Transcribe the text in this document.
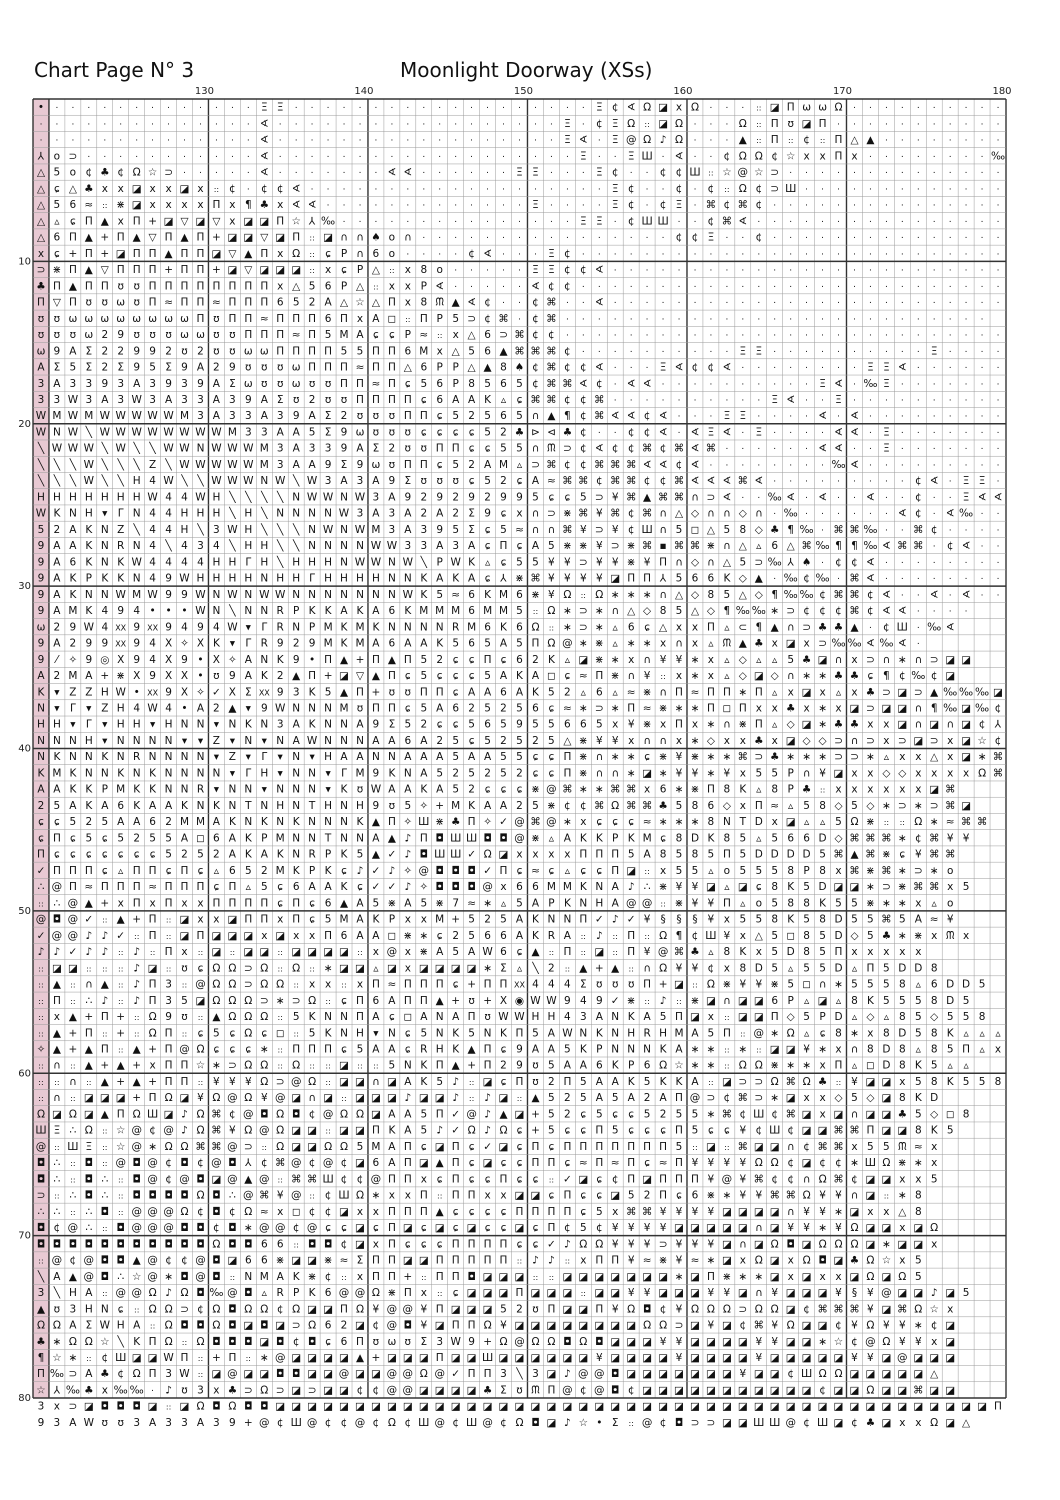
Chart Page N° 3	Moonlight Doorway (XSs)
• · · · · · · · · · · · · · Ξ Ξ · · · · · · · · · · · · · · · · · · · Ξ ¢ ∢ Ω ◪ x Ω · · · :: ◪ Π ω ω Ω · · · · · · · · · ·
· · · · · · · · · · · · · · ∢ · · · · · · · · · · · · · · · · · · Ξ · ¢ Ξ Ω :: ◪ Ω · · · Ω :: Π ʊ ◪ Π · · · · · · · · · · ·
· · · · · · · · · · · · · · ∢ · · · · · · · · · · · · · · · · · · Ξ ∢ · Ξ @ Ω ♪ Ω · · · ▲ :: Π :: ¢ :: Π △ ▲ · · · · · · · ·
⅄ o ⊃ · · · · · · · · · · · ∢ · · · · · · · · · · · · · · · · · · · Ξ · · Ξ Ш · ∢ · · ¢ Ω Ω ¢ ☆ x x Π x · · · · · · · · ‰
△ 5 o ¢ ♣ ¢ Ω ☆ ⊃ · · · · · ∢ · · · · · · · ∢ ∢ · · · · · · Ξ Ξ · · · Ξ ¢ · · ¢ ¢ Ш :: ☆ @ ☆ ⊃ · · · · · · · · · · · · · ·
△ ɕ △ ♣ x x ◪ x x ◪ x :: ¢ · ¢ ¢ ∢ · · · · · · · · · · · · · · · · · · · Ξ ¢ · · ¢ · ¢ :: Ω ¢ ⊃ Ш · · · · · · · · · · · · ·
△ 5 6 ≈ :: ⋇ ◪ x x x x Π x ¶ ♣ x ∢ ∢ · · · · · · · · · · · · · Ξ · · · · Ξ ¢ · ¢ Ξ · ⌘ ¢ ⌘ ¢ · · · · · · · · · · · · · · ·
△ ▵ ɕ Π ▲ x Π + ◪ ▽ ◪ ▽ x ◪ ◪ Π ☆ ⅄ ‰ · · · · · · · · · · · · · · · Ξ Ξ · ¢ Ш Ш · · ¢ ⌘ ∢ · · · · · · · · · · · · · · · ·
△ 6 Π ▲ + Π ▲ ▽ Π ▲ Π + ◪ ◪ ▽ ◪ Π :: ◪ ∩ ∩ ♠ o ∩ · · · · · · · · · · · · · · · · ¢ ¢ Ξ · · ¢ · · · · · · · · · · · · · · ·
x ɕ + Π + ◪ Π Π ▲ Π Π ◪ ▽ ▲ Π x Ω :: ɕ P ∩ 6 o · · · · ¢ ∢ · · · Ξ ¢ · · · · · · · · · · · · · · · · · · · · · · · · · · ·
⊃ ⋇ Π ▲ ▽ Π Π Π + Π Π + ◪ ▽ ◪ ◪ ◪ :: x ɕ P △ :: x 8 o · · · · · Ξ Ξ ¢ ¢ ∢ · · · · · · · · · · · · · · · · · · · · · · · · ·
♣ Π ▲ Π Π ʊ ʊ Π Π Π Π Π Π Π Π x △ 5 6 P △ :: x x P ∢ · · · · · ∢ ¢ ¢ · · · · · · · · · · · · · · · · · · · · · · · · · · ·
Π ▽ Π ʊ ʊ ω ʊ Π ≈ Π Π ≈ Π Π Π 6 5 2 A △ ☆ △ Π x 8 ᙏ ▲ ∢ ¢ · · ¢ ⌘ · · ∢ · · · · · · · · · · · · · · · · · · · · · · · · ·
ʊ ʊ ω ω ω ω ω ω ω ω Π ʊ Π Π ≈ Π Π Π 6 Π x A ◻ :: Π P 5 ⊃ ¢ ⌘ · ¢ ⌘ · · · · · · · · · · · · · · · · · · · · · · · · · · ·
ʊ ʊ ʊ ω 2 9 ʊ ʊ ʊ ω ω ʊ ʊ Π Π Π ≈ Π 5 M A ɕ ɕ P ≈ :: x △ 6 ⊃ ⌘ ¢ ¢ · · · · · · · · · · · · · · · · · · · · · · · · · · · ·
ω 9 A Σ 2 2 9 9 2 ʊ 2 ʊ ʊ ω ω Π Π Π Π 5 5 Π Π 6 M x △ 5 6 ▲ ⌘ ⌘ ⌘ ¢ · · · · · · · · · · Ξ Ξ · · · · · · · · · · Ξ · · · ·
A Σ 5 Σ 2 Σ 9 5 Σ 9 A 2 9 ʊ ʊ ʊ ω Π Π Π ≈ Π Π △ 6 P P △ ▲ 8 ♠ ¢ ⌘ ¢ ¢ ∢ · · · Ξ ∢ ¢ ¢ ∢ · · · · · · · · Ξ Ξ ∢ · · · · · ·
3 A 3 3 9 3 A 3 9 3 9 A Σ ω ʊ ʊ ω ʊ ʊ Π Π ≈ Π ɕ 5 6 P 8 5 6 5 ¢ ⌘ ⌘ ∢ ¢ · ∢ ∢ · · · · · · · · · · Ξ ∢ · ‰ Ξ · · · · · · ·
3 3 W 3 A 3 W 3 A 3 3 A 3 9 A Σ ʊ 2 ʊ ʊ Π Π Π Π ɕ 6 A A K ▵ ɕ ⌘ ⌘ ¢ ¢ ⌘ · · · · · · · · · · Ξ ∢ · · Ξ · · · · · · · · · ·
W M W M W W W W W M 3 A 3 3 A 3 9 A Σ 2 ʊ ʊ ʊ Π Π ɕ 5 2 5 6 5 ∩ ▲ ¶ ¢ ⌘ ∢ ∢ ¢ ∢ · · · Ξ Ξ · · · · ∢ · ∢ · · · · · · · · ·
W N W ╲ W W W W W W W W M 3 3 A A 5 Σ 9 ω ʊ ʊ ʊ ɕ ɕ ɕ ɕ 5 2 ♣ ⊳ ⊲ ♣ ¢ · · ¢ ¢ ∢ · ∢ Ξ ∢ · Ξ · · · · ∢ ∢ · Ξ · · · · · · ·
╲ W W W ╲ W ╲ ╲ W W N W W W M 3 A 3 3 9 A Σ 2 ʊ ʊ Π Π ɕ ɕ 5 5 ∩ ᙏ ⊃ ¢ ∢ ¢ ¢ ⌘ ¢ ⌘ ∢ ⌘ · · · · · · ∢ ∢ · · Ξ · · · · · · ·
╲ ╲ ╲ W ╲ ╲ ╲ Z ╲ W W W W W M 3 A A 9 Σ 9 ω ʊ Π Π ɕ 5 2 A M ▵ ⊃ ⌘ ¢ ¢ ⌘ ⌘ ⌘ ∢ ∢ ¢ ∢ · · · · · · · · ‰ ∢ · · · · · · · · ·
╲ ╲ ╲ W ╲ ╲ H 4 W ╲ ╲ W W W N W ╲ W 3 A 3 A 9 Σ ʊ ʊ ʊ ɕ 5 2 ɕ A ≈ ⌘ ⌘ ¢ ⌘ ⌘ ¢ ¢ ⌘ ∢ ∢ ∢ ⌘ ∢ · · · · · · · · · ¢ ∢ · Ξ Ξ ·
H H H H H H H W 4 4 W H ╲ ╲ ╲ ╲ N W W N W 3 A 9 2 9 2 9 2 9 9 5 ɕ ɕ 5 ⊃ ¥ ⌘ ▲ ⌘ ⌘ ∩ ⊃ ∢ · · ‰ ∢ · ∢ · · ∢ · · ¢ · · Ξ ∢ ∢
W K N H ▾ Γ N 4 4 H H H ╲ H ╲ N N N N W 3 A 3 A 2 A 2 Σ 9 ɕ x ∩ ⊃ ⋇ ⌘ ¥ ⌘ ¢ ⌘ ∩ △ ◇ ∩ ∩ ◇ ∩ · ‰ · · · · · · ∢ ¢ · ∢ ‰ · ·
5 2 A K N Z ╲ 4 4 H ╲ 3 W H ╲ ╲ ╲ N W N W M 3 A 3 9 5 Σ ɕ 5 ≈ ∩ ∩ ⌘ ¥ ⊃ ¥ ¢ Ш ∩ 5 ◻ △ 5 8 ◇ ♣ ¶ ‰ · ⌘ ⌘ ‰ · · ⌘ ¢ · · · ·
9 A A K N R N 4 ╲ 4 3 4 ╲ H H ╲ ╲ N N N N W W 3 3 A 3 A ɕ Π ɕ A 5 ⋇ ⋇ ¥ ⊃ ⋇ ⌘ ▪ ⌘ ⌘ ⋇ ∩ △ ▵ 6 △ ⌘ ‰ ¶ ¶ ‰ ∢ ⌘ ⌘ · ¢ ∢ · ·
9 A 6 K N K W 4 4 4 4 H H Γ H ╲ H H H N W W N W ╲ P W K ▵ ɕ 5 5 ¥ ¥ ⊃ ¥ ¥ ⋇ ¥ Π ∩ ◇ ∩ △ 5 ⊃ ‰ ⅄ ♠ · ¢ ¢ ∢ · · · · · · · ·
9 A K P K K N 4 9 W H H H H N H H Γ H H H H N N K A K A ɕ ⅄ ⋇ ⌘ ¥ ¥ ¥ ¥ ◪ Π Π ⅄ 5 6 6 K ◇ ▲ · ‰ ¢ ‰ · ⌘ ∢ · · · · · · · ·
9 A K N N W M W 9 9 W N W N W W N N N N N N N W K 5 ≈ 6 K M 6 ⋇ ¥ Ω :: Ω ∗ ∗ ∗ ∩ △ ◇ 8 5 △ ◇ ¶ ‰ ‰ ¢ ⌘ ⌘ ¢ ∢ · · ∢ · ∢ · ·
9 A M K 4 9 4 • • • W N ╲ N N R P K K A K A 6 K M M M 6 M M 5 :: Ω ∗ ⊃ ∗ ∩ △ ◇ 8 5 △ ◇ ¶ ‰ ‰ ∗ ⊃ ¢ ¢ ¢ ⌘ ¢ ∢ ∢ · · · ·
ω 2 9 W 4 ⅩⅩ 9 ⅩⅩ 9 4 9 4 W ▾ Γ R N P M K M K N N N N R M 6 K 6 Ω :: ∗ ⊃ ∗ ▵ 6 ɕ △ x x Π ▵ ⊂ ¶ ▲ ∩ ⊃ ♣ ♣ ▲ · ¢ Ш · ‰ ∢
9 A 2 9 9 ⅩⅩ 9 4 Ⅹ ✧ Ⅹ K ▾ Γ R 9 2 9 M K M A 6 A A K 5 6 5 A 5 Π Ω @ ∗ ⋇ ▵ ∗ ∗ x ∩ x ▵ ᙏ ▲ ♣ x ◪ x ⊃ ‰ ‰ ∢ ‰ ∢ ·
9 ⁄ ✧ 9 ◎ Ⅹ 9 4 Ⅹ 9 • Ⅹ ✧ A N K 9 • Π ▲ + Π ▲ Π 5 2 ɕ ɕ Π ɕ 6 2 K ▵ ◪ ⋇ ∗ x ∩ ¥ ¥ ∗ x ▵ ◇ ▵ ▵ 5 ♣ ◪ ∩ x ⊃ ∩ ∗ ∩ ⊃ ◪ ◪
A 2 M A + ⋇ Ⅹ 9 Ⅹ Ⅹ • ʊ 9 A K 2 ▲ Π + ◪ ▽ ▲ Π ɕ 5 ɕ ɕ ɕ 5 A K A ◻ ɕ ≈ Π ⋇ ∩ ¥ :: x ∗ x ▵ ◇ ◪ ◇ ∩ ∗ ∗ ♣ ♣ ɕ ¶ ¢ ‰ ¢ ◪
K ▾ Z Z H W • ⅩⅩ 9 Ⅹ ✧ ✓ Ⅹ Σ ⅩⅩ 9 3 K 5 ▲ Π + ʊ ʊ Π Π ɕ A A 6 A K 5 2 ▵ 6 ▵ ≈ ⋇ ∩ Π ≈ Π Π ∗ Π ▵ x ◪ x ▵ x ♣ ⊃ ◪ ⊃ ▲ ‰ ‰ ‰ ◪
N ▾ Γ ▾ Z H 4 W 4 • A 2 ▲ ▾ 9 W N N N M ʊ Π Π ɕ 5 A 6 2 5 2 5 6 ɕ ≈ ∗ ⊃ ∗ Π ≈ ⋇ ∗ ∗ Π ◻ Π x x ♣ x ∗ x ◪ ⊃ ◪ ◪ ∩ ¶ ‰ ◪ ‰ ¢
H H ▾ Γ ▾ H H ▾ H N N ▾ N K N 3 A K N N A 9 Σ 5 2 ɕ ɕ 5 6 5 9 5 5 6 6 5 x ¥ ⋇ x Π x ∗ ∩ ⋇ Π ▵ ◇ ◪ ∗ ♣ ♣ x x ◪ ∩ ◪ ∩ ◪ ¢ ⅄
N N N H ▾ N N N N ▾ ▾ Z ▾ N ▾ N A W N N N A A 6 A 2 5 ɕ 5 2 5 2 5 △ ⋇ ¥ ¥ x ∩ ∩ x ∗ ◇ x x ♣ x ◪ ◇ ◇ ⊃ ∩ ⊃ x ⊃ ◪ ⊃ x ◪ ☆ ¢
N K N N K N R N N N N ▾ Z ▾ Γ ▾ N ▾ H A A N N A A A 5 A A 5 5 ɕ ɕ Π ⋇ ∩ ∗ ∗ ɕ ⋇ ¥ ⋇ ∗ ∗ ⌘ ⊃ ♣ ∗ ∗ ∗ ⊃ ⊃ ∗ ▵ x x △ x ◪ ∗ ⌘
K M K N N K N K N N N N ▾ Γ H ▾ N N ▾ Γ M 9 K N A 5 2 5 2 5 2 ɕ ɕ Π ⋇ ∩ ∩ ∗ ◪ ∗ ¥ ¥ ∗ ¥ x 5 5 P ∩ ¥ ◪ x x ◇ ◇ x x x x Ω ⌘
A A K K P M K K N N R ▾ N N ▾ N N N ▾ K ʊ W A A K A 5 2 ɕ ɕ ɕ ⋇ @ ⌘ ∗ ∗ ⌘ ⌘ x 6 ∗ ⋇ Π 8 K ▵ 8 P ♣ :: x x x x x x ◪ ⌘
2 5 A K A 6 K A A K N K N T N H N T H N H 9 ʊ 5 ✧ + M K A A 2 5 ⋇ ¢ ¢ ⌘ Ω ⌘ ⌘ ♣ 5 8 6 ◇ x Π ≈ ▵ 5 8 ◇ 5 ◇ ∗ ⊃ ∗ ⊃ ⌘ ◪
ɕ ɕ 5 2 5 A A 6 2 M M A K N K N K N N N K ▲ Π ✧ Ш ⋇ ♣ Π ✧ ✓ @ ⌘ @ ∗ x ɕ ɕ ɕ ≈ ∗ ∗ ∗ 8 N T D x ◪ ▵ ▵ 5 Ω ⋇ :: :: Ω ∗ ≈ ⌘ ⌘
ɕ Π ɕ 5 ɕ 5 2 5 5 A ◻ 6 A K P M N N T N N A ▲ ♪ Π ◘ Ш Ш ◘ ◘ @ ⋇ ▵ A K K P K M ɕ 8 D K 8 5 ▵ 5 6 6 D ◇ ⌘ ⌘ ⌘ ∗ ¢ ⌘ ¥ ¥
Π ɕ ɕ ɕ ɕ ɕ ɕ ɕ 5 2 5 2 A K A K N R P K 5 ▲ ✓ ♪ ◘ Ш Ш ✓ Ω ◪ x x x x Π Π Π 5 A 8 5 8 5 Π 5 D D D D 5 ⌘ ▲ ⌘ ⋇ ɕ ¥ ⌘ ⌘
✓ Π Π Π ɕ ▵ Π Π ɕ Π ɕ ▵ 6 5 2 M K P K ɕ ♪ ✓ ♪ ✧ @ ◘ ◘ ◘ ✓ Π ɕ ≈ ɕ ▵ ɕ ɕ Π ◪ :: x 5 5 ▵ o 5 5 5 8 P 8 x ⌘ ⋇ ⌘ ∗ ⊃ ∗ o
∴ @ Π ≈ Π Π Π ≈ Π Π Π ɕ Π ▵ 5 ɕ 6 A A K ɕ ✓ ✓ ♪ ✧ ◘ ◘ ◘ @ x 6 6 M M K N A ♪ ∴ ⋇ ¥ ¥ ◪ ▵ ◪ ɕ 8 K 5 D ◪ ◪ ∗ ⊃ ⋇ ⌘ ⌘ x 5
:: ∴ @ ▲ + x Π x Π x x Π Π Π Π ɕ Π ɕ 6 ▲ A 5 ⋇ A 5 ⋇ 7 ≈ ∗ ▵ 5 A P K N H A @ @ :: ⋇ ¥ ¥ Π ▵ o 5 8 8 K 5 5 ⋇ ∗ ∗ x ▵ o
@ ◘ @ ✓ :: ▲ + Π :: ◪ x x ◪ Π Π x Π ɕ 5 M A K P x x M + 5 2 5 A K N N Π ✓ ♪ ✓ ¥ § § § ¥ x 5 5 8 K 5 8 D 5 5 ⌘ 5 A ≈ ¥
✓ @ @ ♪ ♪ ✓ :: Π :: ◪ Π ◪ ◪ ◪ x ◪ x x Π 6 A A ◻ ⋇ ∗ ɕ 2 5 6 6 A K R A :: ♪ :: Π :: Ω ¶ ¢ Ш ¥ x △ 5 ◻ 8 5 D ◇ 5 ♣ ∗ ⋇ x ᙏ x
♪ ♪ ✓ ♪ ♪ :: ♪ :: Π x :: ◪ :: ◪ ◪ :: ◪ ◪ ◪ ◪ :: x @ x ⋇ A 5 A W 6 ɕ ▲ :: Π :: ◪ :: Π ¥ @ ⌘ ♣ ▵ 8 K x 5 D 8 5 Π x x x x x
:: ◪ ◪ :: :: :: ♪ ◪ :: ʊ ɕ Ω Ω ⊃ Ω :: Ω :: ∗ ◪ ◪ ▵ ◪ x ◪ ◪ ◪ ◪ ∗ Σ ▵ ╲ 2 :: ▲ + ▲ :: ∩ Ω ¥ ¥ ¢ x 8 D 5 ▵ 5 5 D ▵ Π 5 D D 8
:: ▲ :: ∩ ▲ :: ♪ Π 3 :: @ Ω Ω ⊃ Ω Ω :: x x :: x Π ≈ Π Π Π ɕ + Π Π ⅩⅩ 4 4 4 Σ ʊ ʊ ʊ Π + ◪ :: Ω ⋇ ¥ ¥ ⋇ 5 ◻ ∩ ∗ 5 5 5 8 ▵ 6 D D 5
:: Π :: ∴ ♪ :: ♪ Π 3 5 ◪ Ω Ω Ω ⊃ ∗ ⊃ Ω :: ɕ Π 6 A Π Π ▲ + ʊ + Ⅹ ◉ W W 9 4 9 ✓ ⋇ :: ♪ :: ⋇ ◪ ∩ ◪ ◪ 6 P ▵ ◪ ▵ 8 K 5 5 5 8 D 5
:: x ▲ + Π + :: Ω 9 ʊ :: ▲ Ω Ω Ω :: 5 K N N Π A ɕ ◻ A N A Π ʊ W W H H 4 3 A N K A 5 Π ◪ x :: ◪ ◪ Π ◇ 5 P D ▵ ◇ ▵ 8 5 ◇ 5 5 8
:: ▲ + Π :: + :: Ω Π :: ɕ 5 ɕ Ω ɕ ◻ :: 5 K N H ▾ N ɕ 5 N K 5 N K Π 5 A W N K N H R H M A 5 Π :: @ ∗ Ω ▵ ɕ 8 ∗ x 8 D 5 8 K ▵ ▵ ▵
✧ ▲ + ▲ Π :: ▲ + Π @ Ω ɕ ɕ ɕ ∗ :: Π Π Π ɕ 5 A A ɕ R H K ▲ Π ɕ 9 A A 5 K P N N N K A ∗ ∗ :: ∗ :: ◪ ◪ ¥ ∗ x ∩ 8 D 8 ▵ 8 5 Π ▵ x
:: ∩ :: ▲ + ▲ + x Π Π ☆ ∗ ⊃ Ω Ω :: Ω :: :: ◪ :: :: 5 N K Π ▲ + Π 2 9 ʊ 5 A A 6 K P 6 Ω ☆ ∗ ∗ :: Ω Ω ⋇ ∗ ∗ x Π ▵ ◻ D 8 K 5 ▵ ▵
:: :: ∩ :: ▲ + ▲ + Π Π :: ¥ ¥ ¥ Ω ⊃ @ Ω :: ◪ ◪ ∩ ◪ A K 5 ♪ :: ◪ ɕ Π ʊ 2 Π 5 A A K 5 K K A :: ◪ ⊃ ⊃ Ω ⌘ Ω ♣ :: ¥ ◪ ◪ x 5 8 K 5 5 8
:: ∩ :: ◪ ◪ ◪ + Π Ω ◪ ¥ Ω @ Ω ¥ @ ◪ ∩ ◪ :: ◪ ◪ ◪ ♪ ◪ ◪ ♪ :: ♪ ◪ :: ▲ 5 2 5 A 5 A 2 A Π @ ⊃ ¢ ⌘ ⊃ ∗ ◪ x x ◇ 5 ◇ ◪ 8 K D
Ω ◪ Ω ◪ ▲ Π Ω Ш ◪ ♪ Ω ⌘ ¢ @ ◘ Ω ◘ ¢ @ Ω Ω ◪ A A 5 Π ✓ @ ♪ ▲ ◪ + 5 2 ɕ 5 ɕ ɕ 5 2 5 5 ∗ ⌘ ¢ Ш ¢ ⌘ ◪ x ◪ ∩ ◪ ◪ ♣ 5 ◇ ◻ 8
Ш Ξ ∴ Ω :: ☆ @ ¢ @ ♪ Ω ⌘ ¥ Ω @ Ω ◪ ◪ :: ◪ ◪ Π K A 5 ♪ ✓ Ω ♪ Ω ɕ + 5 ɕ ɕ Π 5 ɕ ɕ ɕ Π 5 ɕ ɕ ¥ ¢ Ш ¢ ◪ ◪ ⌘ ⌘ Π ◪ ◪ 8 K 5
@ :: Ш Ξ :: ☆ @ ∗ Ω Ω ⌘ ⌘ @ ⊃ :: Ω ◪ ◪ Ω Ω 5 M A Π ɕ ◪ Π ɕ ✓ ◪ ɕ Π ɕ Π Π Π Π Π Π Π 5 :: ◪ :: ⌘ ◪ ◪ ∩ ¢ ⌘ ⌘ x 5 5 ᙏ ≈ x
◘ ∴ :: ◘ :: @ ◘ @ ¢ ◘ ¢ @ ◘ ⅄ ¢ ⌘ @ ¢ @ ¢ ◪ 6 A Π ◪ ▲ Π ɕ ◪ ɕ ɕ Π Π ɕ ≈ Π ≈ Π ɕ ≈ Π ¥ ¥ ¥ ¥ Ω Ω ¢ ◪ ¢ ¢ ∗ Ш Ω ⋇ ∗ x
◘ ∴ :: ◘ ∴ :: ◘ @ ¢ @ ◘ ◪ @ ▲ @ :: ⌘ ⌘ Ш ¢ ¢ @ Π Π x ɕ Π ɕ ɕ Π ɕ ɕ :: ✓ ◪ ɕ ¢ Π ◪ Π Π Π ¥ @ ¥ ⌘ ¢ ¢ ∩ Ω ⌘ ¢ ◪ ◪ x x 5
⊃ :: ∴ ◘ ∴ :: ◘ ◘ ◘ ◘ Ω ◘ ∴ @ ⌘ ¥ @ :: ¢ Ш Ω ∗ x x Π :: Π Π x x ◪ ◪ ɕ Π ɕ ɕ ◪ 5 2 Π ɕ 6 ⋇ ∗ ¥ ¥ ⌘ ⌘ Ω ¥ ¥ ∩ ◪ :: ∗ 8
∴ ∴ :: ∴ ◘ :: @ @ @ Ω ¢ ◘ ¢ Ω ≈ x ◻ ¢ ¢ ◪ x x Π Π Π ▲ ɕ ɕ ɕ ɕ Π Π Π Π ɕ 5 x ⌘ ⌘ ¥ ¥ ¥ ¥ ◪ ◪ ◪ ◪ ∩ ¥ ¥ ∗ ◪ x x △ 8
◘ ¢ @ ∴ :: ◘ @ @ @ ◘ ◘ ¢ ◘ ∗ @ @ ¢ @ ɕ ɕ ◪ ɕ Π ◪ ɕ ◪ ɕ ◪ ɕ ɕ ◪ ɕ Π ¢ 5 ¢ ¥ ¥ ¥ ¥ ◪ ◪ ◪ ◪ ◪ ∩ ◪ ¥ ¥ ∗ ¥ Ω ◪ ◪ x ◪ Ω
◘ ◘ ◘ ◘ ◘ ◘ ◘ ◘ ◘ ◘ ◘ Ω ◘ ◘ 6 6 :: ◘ ◘ ¢ ◪ x Π ɕ ɕ ɕ Π Π Π Π ɕ ɕ ✓ ♪ Ω Ω ¥ ¥ ¥ ⊃ ¥ ¥ ¥ ◪ ∩ ◪ Ω ◘ ◪ Ω Ω Ω ◪ ∗ ◪ ◪ x
:: @ ¢ @ ◘ ◘ ▲ @ ¢ ¢ @ ◘ ◪ 6 6 ⋇ ◪ ◪ ⋇ ≈ Σ Π Π ◪ ◪ Π Π Π Π Π :: ♪ ♪ :: x Π Π ¥ ≈ ⋇ ¥ ≈ ∗ ◪ x Ω ◪ x Ω ◘ ◪ ♣ Ω ☆ x 5
╲ A ▲ @ ◘ ∴ ☆ @ ∗ ◘ @ ◘ :: N M A K ⋇ ¢ :: x Π Π + :: Π Π ◘ ◪ ◪ ◪ :: :: ◪ ◪ ◪ ◪ ◪ ◪ ◪ ∗ ◪ Π ⋇ ∗ ∗ ◪ x ◪ x x ◪ Ω ◪ Ω 5
3 ╲ H A :: @ @ Ω ♪ Ω ◘ ‰ @ ◘ ▵ R P K 6 @ @ Ω ⋇ Π x :: ɕ ◪ ◪ ◪ Π ◪ ◪ ◪ :: ◪ ◪ ¥ ¥ ◪ ◪ ◪ ¥ ¥ ◪ ∩ ¥ ◪ ◪ ◪ ¥ § ¥ @ ◪ ◪ ♪ ◪ 5
▲ ʊ 3 H N ɕ :: Ω Ω ⊃ ¢ Ω ◘ Ω Ω ¢ Ω ◪ ◪ Π Ω ¥ @ @ ¥ Π ◪ ◪ ◪ 5 2 ʊ Π ◪ ◪ Π ¥ Ω ◘ ¢ ¥ Ω Ω Ω ⊃ Ω Ω ◪ ¢ ⌘ ⌘ ⌘ ¥ ◪ ⌘ Ω ☆ x
Ω Ω A Σ W H A :: Ω ◘ ◘ Ω ◘ ◪ ◘ ◪ ⊃ Ω 6 2 ◪ ¢ @ ◘ ¥ ◪ Π Π Ω ¥ ◪ ◪ ◪ ◪ ◪ ◪ ◪ ◪ Ω Ω ⊃ ◪ ¥ ◪ ¢ ⌘ ¥ Ω ◪ ◪ ¢ ¥ Ω ¥ ¥ ∗ ¢ ◪
♣ ∗ Ω Ω ☆ ╲ K Π Ω :: Ω ◘ ◘ ◘ ◪ ◘ ¢ ◘ ɕ 6 Π ʊ ω ʊ Σ 3 W 9 + Ω @ Ω Ω ◘ Ω ◘ ◪ ◪ ◪ ¥ ¥ ◪ ◪ ◪ ◪ ¥ ¥ ◪ ◪ ∗ ☆ ¢ @ Ω ¥ ¥ x ◪
¶ ☆ ∗ :: ¢ Ш ◪ ◪ W Π :: + Π :: ∗ @ ◪ ◪ ◪ ◪ ▲ + ◪ ◪ ◪ Π ◪ ◪ Ш ◪ ◪ ◪ ◪ ◪ ◪ ¥ ◪ ◪ ◪ ◪ ¥ ◪ ◪ ◪ ◪ ¥ ◪ ◪ ◪ ◪ ◪ ¥ ¥ ◪ @ ◪ ◪ ◪
Π ‰ ⊃ A ♣ ¢ Ω Π 3 W :: ◪ @ ◪ ◪ ◘ ◘ ◪ ◪ @ ◪ ◪ @ @ Ω @ ✓ Π Π 3 ╲ 3 ◪ ♪ @ @ ◘ ◪ ◪ ◪ ◪ ◪ ◪ ◪ ¥ ◪ ◪ ¢ Ш Ω Ω ◪ ◪ ◪ ◪ ◪ △
☆ ⅄ ‰ ♣ x ‰ ‰ · ♪ ʊ 3 x ♣ ⊃ Ω ⊃ ◪ ⊃ ◪ ◪ ¢ ¢ @ @ ◪ ◪ ◪ ◪ ♣ Σ ʊ ᙏ Π @ ¢ @ ◘ ¢ ◪ ◪ ◪ ◪ ◪ ◪ ◪ ◪ ◪ ◪ ◪ ¢ ◪ ◪ Ω ◪ ◪ ⌘ ◪ ◪
3 x ⊃ ◪ ◘ ◘ ◘ ◪ :: ◪ Ω ◘ Ω ◘ ◘ ◪ ◪ ◪ ◪ ◪ ◪ ◪ ◪ ◪ ◪ ◪ ◪ ◪ ◪ ◪ ◪ ◪ ◪ ◪ ◪ ◪ ◪ ◪ ◪ ◪ ◪ ◪ ◪ ◪ ◪ ◪ ◪ ◪ ◪ ◪ ◪ ◪ ◪ ◪ ◪ ◪ ◪ ◪ ◪ ◪ Π
9 3 A W ʊ ʊ 3 A 3 3 A 3 9 + @ ¢ Ш @ ¢ ¢ @ ¢ Ω ¢ Ш @ ¢ Ш @ ¢ Ω ◘ ◪ ♪ ☆ • Σ :: @ ¢ ◘ ⊃ ⊃ ◪ ◪ Ш Ш @ ¢ Ш ◪ ¢ ♣ ◪ x x Ω ◪ △
130	140	150	160	170	180
10
20
30
40
50
60
70
80
